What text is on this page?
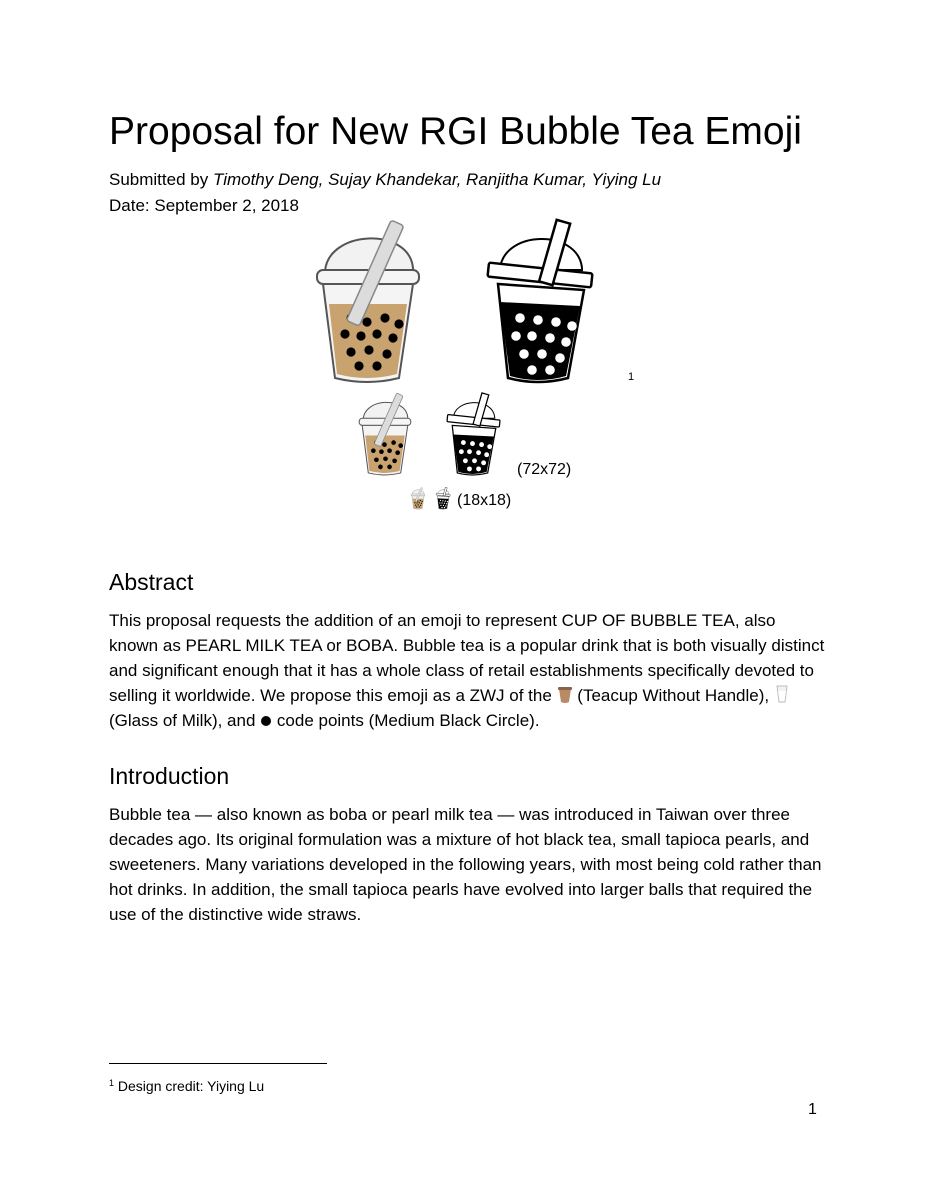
Proposal for New RGI Bubble Tea Emoji
Submitted by Timothy Deng, Sujay Khandekar, Ranjitha Kumar, Yiying Lu
Date: September 2, 2018
1
(72x72)
(18x18)
Abstract

This proposal requests the addition of an emoji to represent CUP OF BUBBLE TEA, also known as PEARL MILK TEA or BOBA. Bubble tea is a popular drink that is both visually distinct and significant enough that it has a whole class of retail establishments specifically devoted to selling it worldwide. We propose this emoji as a ZWJ of the (Teacup Without Handle),  (Glass of Milk), and code points (Medium Black Circle).

Introduction

Bubble tea — also known as boba or pearl milk tea — was introduced in Taiwan over three decades ago. Its original formulation was a mixture of hot black tea, small tapioca pearls, and sweeteners. Many variations developed in the following years, with most being cold rather than hot drinks. In addition, the small tapioca pearls have evolved into larger balls that required the use of the distinctive wide straws.

$^1$ Design credit: Yiying Lu
1
